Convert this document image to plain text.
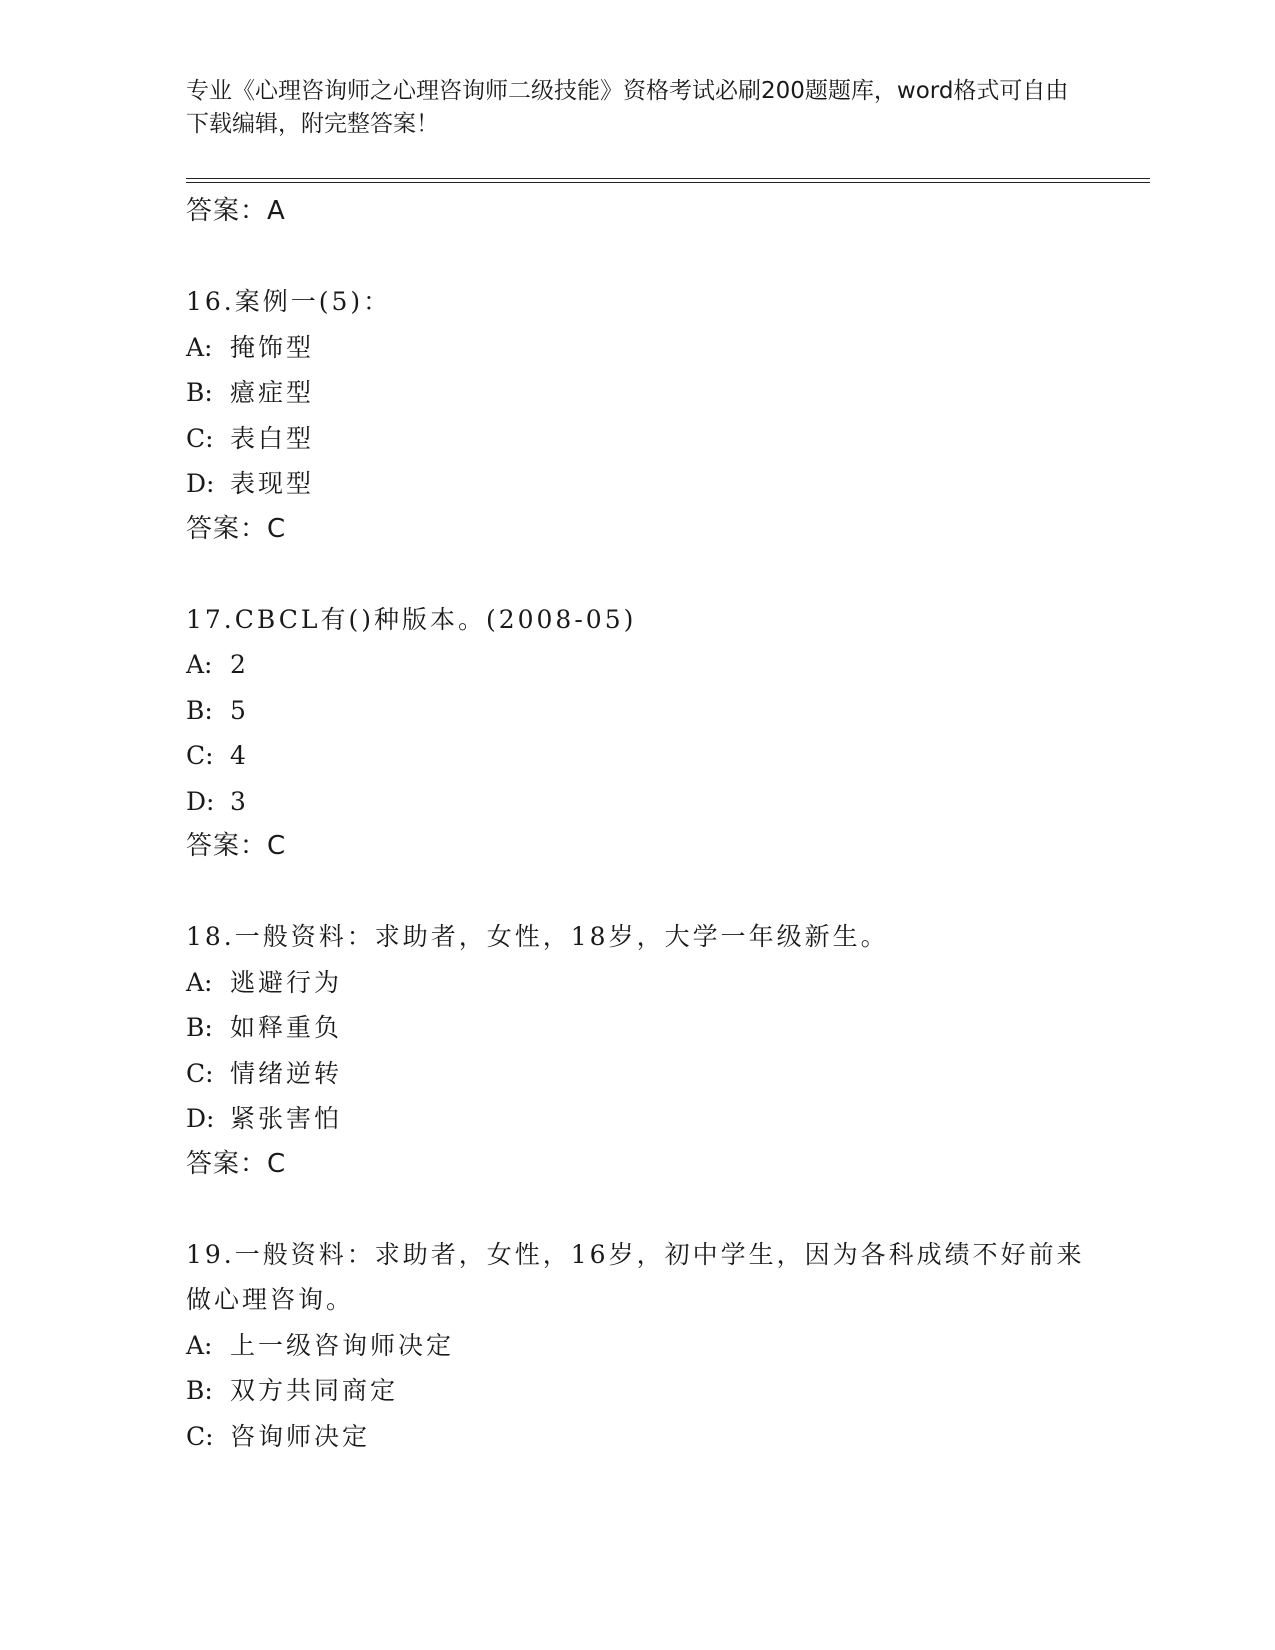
专业《心理咨询师之心理咨询师二级技能》资格考试必刷200题题库，word格式可自由下载编辑，附完整答案！
答案：A
16.案例一(5)：
A: 掩饰型
B: 癔症型
C: 表白型
D: 表现型
答案：C
17.CBCL有()种版本。(2008-05)
A: 2
B: 5
C: 4
D: 3
答案：C
18.一般资料：求助者，女性，18岁，大学一年级新生。
A: 逃避行为
B: 如释重负
C: 情绪逆转
D: 紧张害怕
答案：C
19.一般资料：求助者，女性，16岁，初中学生，因为各科成绩不好前来做心理咨询。
A: 上一级咨询师决定
B: 双方共同商定
C: 咨询师决定
